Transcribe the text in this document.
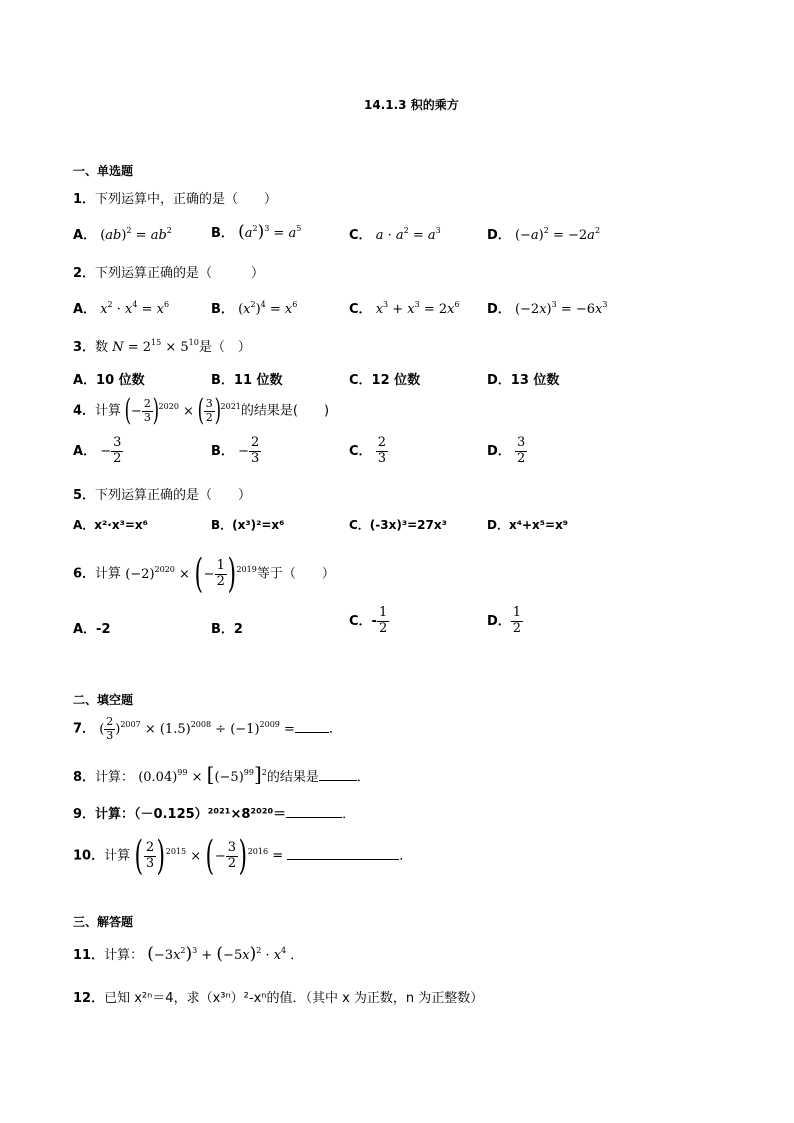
14.1.3 积的乘方
一、单选题
1．下列运算中，正确的是（　　）
A． $(ab)^2 = ab^2$	B． $(a^2)^3 = a^5$	C． $a \cdot a^2 = a^3$	D． $(-a)^2 = -2a^2$
2．下列运算正确的是（　　　）
A． $x^2 \cdot x^4 = x^6$	B． $(x^2)^4 = x^6$	C． $x^3 + x^3 = 2x^6$ D． $(-2x)^3 = -6x^3$
3．数 $N = 2^{15} \times 5^{10}$是（　）
A．10 位数	B．11 位数	C．12 位数	D．13 位数
4．计算 (− $\frac{2}{3} )^{2020}$ × ( $\frac{3}{2} )^{2021}$的结果是(　　)
A． − $\frac{3}{2}$	B． − $\frac{2}{3}$	C． $\frac{2}{3}$	D． $\frac{3}{2}$
5．下列运算正确的是（　　）
A．x²·x³=x⁶	B．(x³)²=x⁶	C．(-3x)³=27x³	D．x⁴+x⁵=x⁹
6．计算 $(-2)^{2020}$ × (− $\frac{1}{2} )^{2019}$等于（　　）
A．-2	B．2
C．- $\frac{1}{2}$	D． $\frac{1}{2}$
二、填空题
7． ( $\frac{2}{3} )^{2007} \times (1.5)^{2008} \div (-1)^{2009}$ =	．
8．计算： $(0.04)^{99} \times [(-5)^{99}]^2$的结果是	．
9．计算：（－0.125）²⁰²¹×8²⁰²⁰＝	．
10．计算 ( $\frac{2}{3} )^{2015}$ × (− $\frac{3}{2} )^{2016}$ =	．
三、解答题
11．计算： $(-3x^2)^3 + (-5x)^2 \cdot x^4$ ．
12．已知 x²ⁿ＝4，求（x³ⁿ）²-xⁿ的值．（其中 x 为正数，n 为正整数）
